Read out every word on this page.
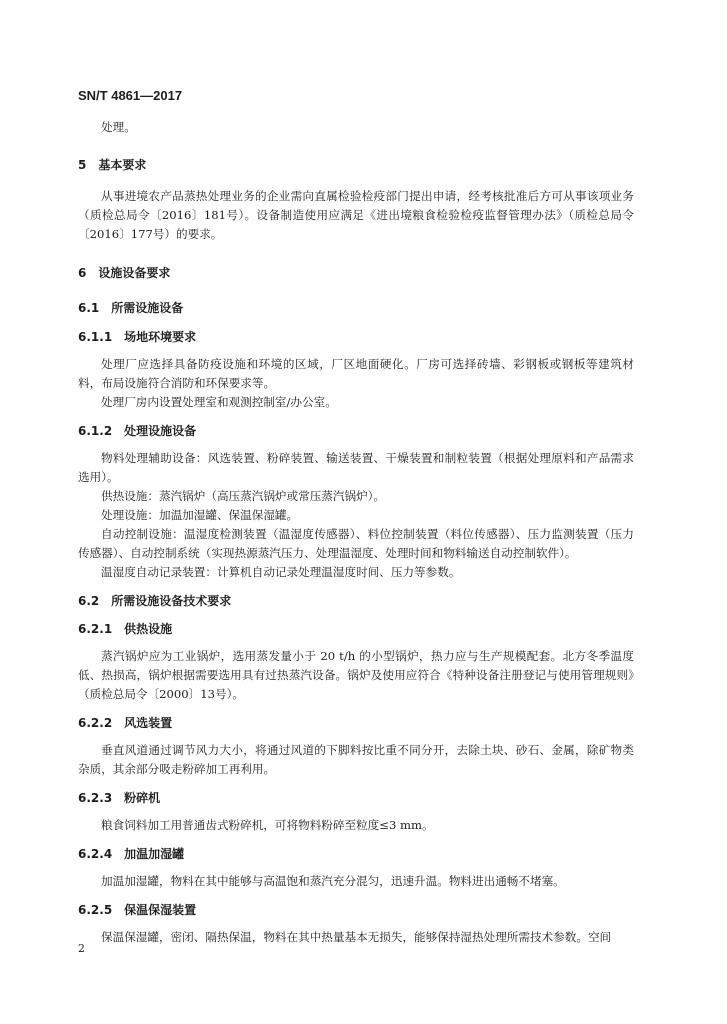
SN/T 4861—2017
处理。
5 基本要求
从事进境农产品蒸热处理业务的企业需向直属检验检疫部门提出申请，经考核批准后方可从事该项业务（质检总局令〔2016〕181号）。设备制造使用应满足《进出境粮食检验检疫监督管理办法》（质检总局令〔2016〕177号）的要求。
6 设施设备要求
6.1 所需设施设备
6.1.1 场地环境要求
处理厂应选择具备防疫设施和环境的区域，厂区地面硬化。厂房可选择砖墙、彩钢板或钢板等建筑材料，布局设施符合消防和环保要求等。
处理厂房内设置处理室和观测控制室/办公室。
6.1.2 处理设施设备
物料处理辅助设备：风选装置、粉碎装置、输送装置、干燥装置和制粒装置（根据处理原料和产品需求选用）。
供热设施：蒸汽锅炉（高压蒸汽锅炉或常压蒸汽锅炉）。
处理设施：加温加湿罐、保温保湿罐。
自动控制设施：温湿度检测装置（温湿度传感器）、料位控制装置（料位传感器）、压力监测装置（压力传感器）、自动控制系统（实现热源蒸汽压力、处理温湿度、处理时间和物料输送自动控制软件）。
温湿度自动记录装置：计算机自动记录处理温湿度时间、压力等参数。
6.2 所需设施设备技术要求
6.2.1 供热设施
蒸汽锅炉应为工业锅炉，选用蒸发量小于 20 t/h 的小型锅炉，热力应与生产规模配套。北方冬季温度低、热损高，锅炉根据需要选用具有过热蒸汽设备。锅炉及使用应符合《特种设备注册登记与使用管理规则》（质检总局令〔2000〕13号）。
6.2.2 风选装置
垂直风道通过调节风力大小，将通过风道的下脚料按比重不同分开，去除土块、砂石、金属，除矿物类杂质，其余部分吸走粉碎加工再利用。
6.2.3 粉碎机
粮食饲料加工用普通齿式粉碎机，可将物料粉碎至粒度≤3 mm。
6.2.4 加温加湿罐
加温加湿罐，物料在其中能够与高温饱和蒸汽充分混匀，迅速升温。物料进出通畅不堵塞。
6.2.5 保温保湿装置
保温保湿罐，密闭、隔热保温，物料在其中热量基本无损失，能够保持湿热处理所需技术参数。空间
2
